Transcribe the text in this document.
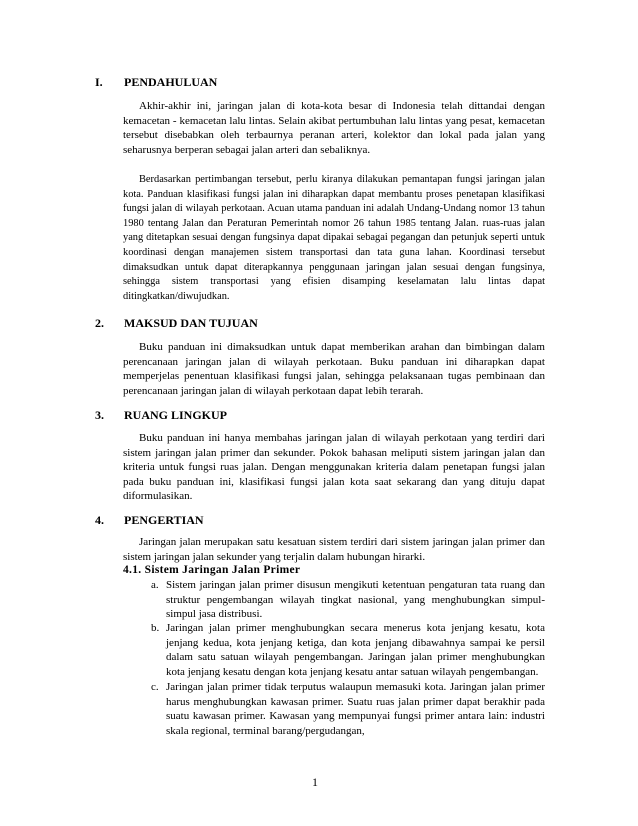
I. PENDAHULUAN

Akhir-akhir ini, jaringan jalan di kota-kota besar di Indonesia telah dittandai dengan kemacetan - kemacetan lalu lintas. Selain akibat pertumbuhan lalu lintas yang pesat, kemacetan tersebut disebabkan oleh terbaurnya peranan arteri, kolektor dan lokal pada jalan yang seharusnya berperan sebagai jalan arteri dan sebaliknya.

Berdasarkan pertimbangan tersebut, perlu kiranya dilakukan pemantapan fungsi jaringan jalan kota. Panduan klasifikasi fungsi jalan ini diharapkan dapat membantu proses penetapan klasifikasi fungsi jalan di wilayah perkotaan. Acuan utama panduan ini adalah Undang-Undang nomor 13 tahun 1980 tentang Jalan dan Peraturan Pemerintah nomor 26 tahun 1985 tentang Jalan. ruas-ruas jalan yang ditetapkan sesuai dengan fungsinya dapat dipakai sebagai pegangan dan petunjuk seperti untuk koordinasi dengan manajemen sistem transportasi dan tata guna lahan. Koordinasi tersebut dimaksudkan untuk dapat diterapkannya penggunaan jaringan jalan sesuai dengan fungsinya, sehingga sistem transportasi yang efisien disamping keselamatan lalu lintas dapat ditingkatkan/diwujudkan.

2. MAKSUD DAN TUJUAN

Buku panduan ini dimaksudkan untuk dapat memberikan arahan dan bimbingan dalam perencanaan jaringan jalan di wilayah perkotaan. Buku panduan ini diharapkan dapat memperjelas penentuan klasifikasi fungsi jalan, sehingga pelaksanaan tugas pembinaan dan perencanaan jaringan jalan di wilayah perkotaan dapat lebih terarah.

3. RUANG LINGKUP

Buku panduan ini hanya membahas jaringan jalan di wilayah perkotaan yang terdiri dari sistem jaringan jalan primer dan sekunder. Pokok bahasan meliputi sistem jaringan jalan dan kriteria untuk fungsi ruas jalan. Dengan menggunakan kriteria dalam penetapan fungsi jalan pada buku panduan ini, klasifikasi fungsi jalan kota saat sekarang dan yang dituju dapat diformulasikan.

4. PENGERTIAN

Jaringan jalan merupakan satu kesatuan sistem terdiri dari sistem jaringan jalan primer dan sistem jaringan jalan sekunder yang terjalin dalam hubungan hirarki.

4.1. Sistem Jaringan Jalan Primer
a. Sistem jaringan jalan primer disusun mengikuti ketentuan pengaturan tata ruang dan struktur pengembangan wilayah tingkat nasional, yang menghubungkan simpul-simpul jasa distribusi.
b. Jaringan jalan primer menghubungkan secara menerus kota jenjang kesatu, kota jenjang kedua, kota jenjang ketiga, dan kota jenjang dibawahnya sampai ke persil dalam satu satuan wilayah pengembangan. Jaringan jalan primer menghubungkan kota jenjang kesatu dengan kota jenjang kesatu antar satuan wilayah pengembangan.
c. Jaringan jalan primer tidak terputus walaupun memasuki kota. Jaringan jalan primer harus menghubungkan kawasan primer. Suatu ruas jalan primer dapat berakhir pada suatu kawasan primer. Kawasan yang mempunyai fungsi primer antara lain: industri skala regional, terminal barang/pergudangan,
1
